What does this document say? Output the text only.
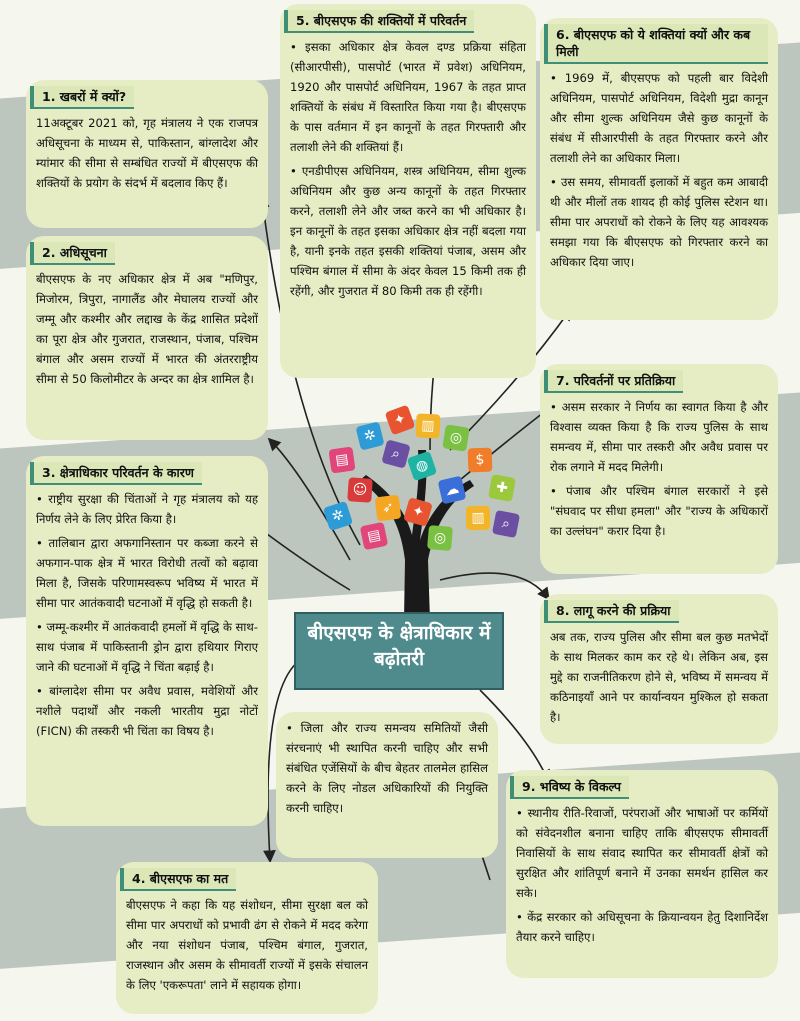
✦ ▥
✲	◎
▤	⌕	$
◍
☺	☁	✚
➶	✦	▥
✲
◎
▤
⌕
बीएसएफ के क्षेत्राधिकार में बढ़ोतरी
1. खबरों में क्यों?

11अक्टूबर 2021 को, गृह मंत्रालय ने एक राजपत्र अधिसूचना के माध्यम से, पाकिस्तान, बांग्लादेश और म्यांमार की सीमा से सम्बंधित राज्यों में बीएसएफ की शक्तियों के प्रयोग के संदर्भ में बदलाव किए हैं।

2. अधिसूचना

बीएसएफ के नए अधिकार क्षेत्र में अब "मणिपुर, मिजोरम, त्रिपुरा, नागालैंड और मेघालय राज्यों और जम्मू और कश्मीर और लद्दाख के केंद्र शासित प्रदेशों का पूरा क्षेत्र और गुजरात, राजस्थान, पंजाब, पश्चिम बंगाल और असम राज्यों में भारत की अंतरराष्ट्रीय सीमा से 50 किलोमीटर के अन्दर का क्षेत्र शामिल है।

3. क्षेत्राधिकार परिवर्तन के कारण

• राष्ट्रीय सुरक्षा की चिंताओं ने गृह मंत्रालय को यह निर्णय लेने के लिए प्रेरित किया है।

• तालिबान द्वारा अफगानिस्तान पर कब्जा करने से अफगान-पाक क्षेत्र में भारत विरोधी तत्वों को बढ़ावा मिला है, जिसके परिणामस्वरूप भविष्य में भारत में सीमा पार आतंकवादी घटनाओं में वृद्धि हो सकती है।

• जम्मू-कश्मीर में आतंकवादी हमलों में वृद्धि के साथ-साथ पंजाब में पाकिस्तानी ड्रोन द्वारा हथियार गिराए जाने की घटनाओं में वृद्धि ने चिंता बढ़ाई है।

• बांग्लादेश सीमा पर अवैध प्रवास, मवेशियों और नशीले पदार्थों और नकली भारतीय मुद्रा नोटों (FICN) की तस्करी भी चिंता का विषय है।

4. बीएसएफ का मत

बीएसएफ ने कहा कि यह संशोधन, सीमा सुरक्षा बल को सीमा पार अपराधों को प्रभावी ढंग से रोकने में मदद करेगा और नया संशोधन पंजाब, पश्चिम बंगाल, गुजरात, राजस्थान और असम के सीमावर्ती राज्यों में इसके संचालन के लिए 'एकरूपता' लाने में सहायक होगा।

5. बीएसएफ की शक्तियों में परिवर्तन

• इसका अधिकार क्षेत्र केवल दण्ड प्रक्रिया संहिता (सीआरपीसी), पासपोर्ट (भारत में प्रवेश) अधिनियम, 1920 और पासपोर्ट अधिनियम, 1967 के तहत प्राप्त शक्तियों के संबंध में विस्तारित किया गया है। बीएसएफ के पास वर्तमान में इन कानूनों के तहत गिरफ्तारी और तलाशी लेने की शक्तियां हैं।

• एनडीपीएस अधिनियम, शस्त्र अधिनियम, सीमा शुल्क अधिनियम और कुछ अन्य कानूनों के तहत गिरफ्तार करने, तलाशी लेने और जब्त करने का भी अधिकार है। इन कानूनों के तहत इसका अधिकार क्षेत्र नहीं बदला गया है, यानी इनके तहत इसकी शक्तियां पंजाब, असम और पश्चिम बंगाल में सीमा के अंदर केवल 15 किमी तक ही रहेंगी, और गुजरात में 80 किमी तक ही रहेंगी।

6. बीएसएफ को ये शक्तियां क्यों और कब मिली

• 1969 में, बीएसएफ को पहली बार विदेशी अधिनियम, पासपोर्ट अधिनियम, विदेशी मुद्रा कानून और सीमा शुल्क अधिनियम जैसे कुछ कानूनों के संबंध में सीआरपीसी के तहत गिरफ्तार करने और तलाशी लेने का अधिकार मिला।

• उस समय, सीमावर्ती इलाकों में बहुत कम आबादी थी और मीलों तक शायद ही कोई पुलिस स्टेशन था। सीमा पार अपराधों को रोकने के लिए यह आवश्यक समझा गया कि बीएसएफ को गिरफ्तार करने का अधिकार दिया जाए।

7. परिवर्तनों पर प्रतिक्रिया

• असम सरकार ने निर्णय का स्वागत किया है और विश्वास व्यक्त किया है कि राज्य पुलिस के साथ समन्वय में, सीमा पार तस्करी और अवैध प्रवास पर रोक लगाने में मदद मिलेगी।

• पंजाब और पश्चिम बंगाल सरकारों ने इसे "संघवाद पर सीधा हमला" और "राज्य के अधिकारों का उल्लंघन" करार दिया है।

8. लागू करने की प्रक्रिया

अब तक, राज्य पुलिस और सीमा बल कुछ मतभेदों के साथ मिलकर काम कर रहे थे। लेकिन अब, इस मुद्दे का राजनीतिकरण होने से, भविष्य में समन्वय में कठिनाइयाँ आने पर कार्यान्वयन मुश्किल हो सकता है।

9. भविष्य के विकल्प

• स्थानीय रीति-रिवाजों, परंपराओं और भाषाओं पर कर्मियों को संवेदनशील बनाना चाहिए ताकि बीएसएफ सीमावर्ती निवासियों के साथ संवाद स्थापित कर सीमावर्ती क्षेत्रों को सुरक्षित और शांतिपूर्ण बनाने में उनका समर्थन हासिल कर सके।

• केंद्र सरकार को अधिसूचना के क्रियान्वयन हेतु दिशानिर्देश तैयार करने चाहिए।

• जिला और राज्य समन्वय समितियों जैसी संरचनाएं भी स्थापित करनी चाहिए और सभी संबंधित एजेंसियों के बीच बेहतर तालमेल हासिल करने के लिए नोडल अधिकारियों की नियुक्ति करनी चाहिए।
